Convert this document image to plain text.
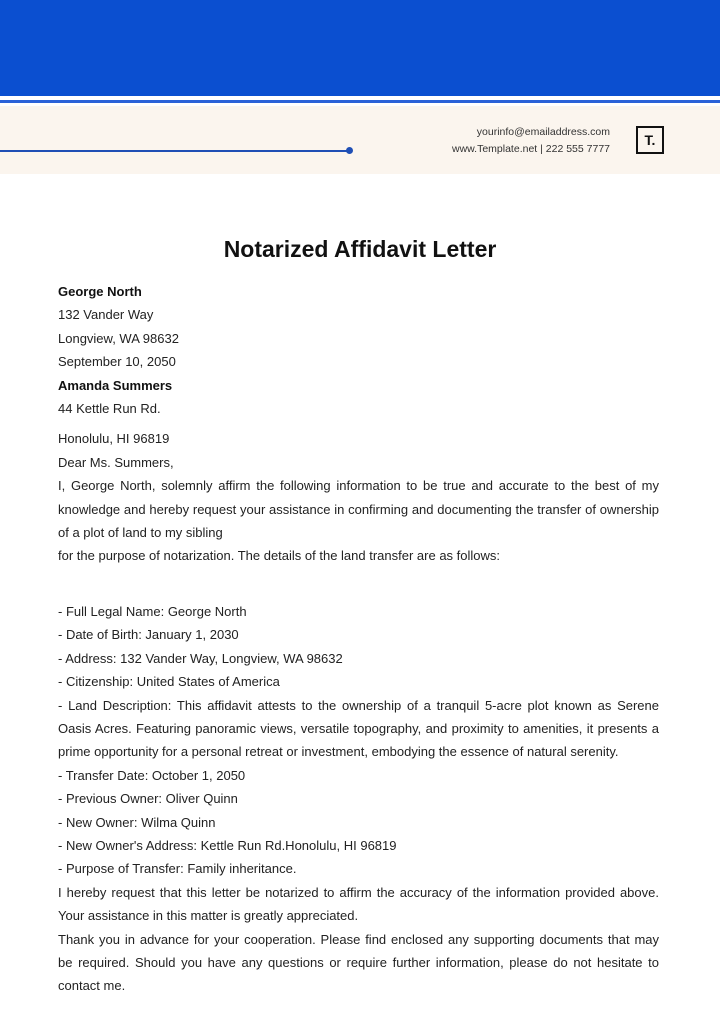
yourinfo@emailaddress.com
www.Template.net | 222 555 7777
T.
Notarized Affidavit Letter

George North

132 Vander Way

Longview, WA 98632

September 10, 2050

Amanda Summers

44 Kettle Run Rd.

Honolulu, HI 96819

Dear Ms. Summers,

I, George North, solemnly affirm the following information to be true and accurate to the best of my knowledge and hereby request your assistance in confirming and documenting the transfer of ownership of a plot of land to my sibling

for the purpose of notarization. The details of the land transfer are as follows:

- Full Legal Name: George North
- Date of Birth: January 1, 2030
- Address: 132 Vander Way, Longview, WA 98632
- Citizenship: United States of America
- Land Description: This affidavit attests to the ownership of a tranquil 5-acre plot known as Serene Oasis Acres. Featuring panoramic views, versatile topography, and proximity to amenities, it presents a prime opportunity for a personal retreat or investment, embodying the essence of natural serenity.
- Transfer Date: October 1, 2050
- Previous Owner: Oliver Quinn
- New Owner: Wilma Quinn
- New Owner's Address: Kettle Run Rd.Honolulu, HI 96819
- Purpose of Transfer: Family inheritance.

I hereby request that this letter be notarized to affirm the accuracy of the information provided above. Your assistance in this matter is greatly appreciated.

Thank you in advance for your cooperation. Please find enclosed any supporting documents that may be required. Should you have any questions or require further information, please do not hesitate to contact me.
